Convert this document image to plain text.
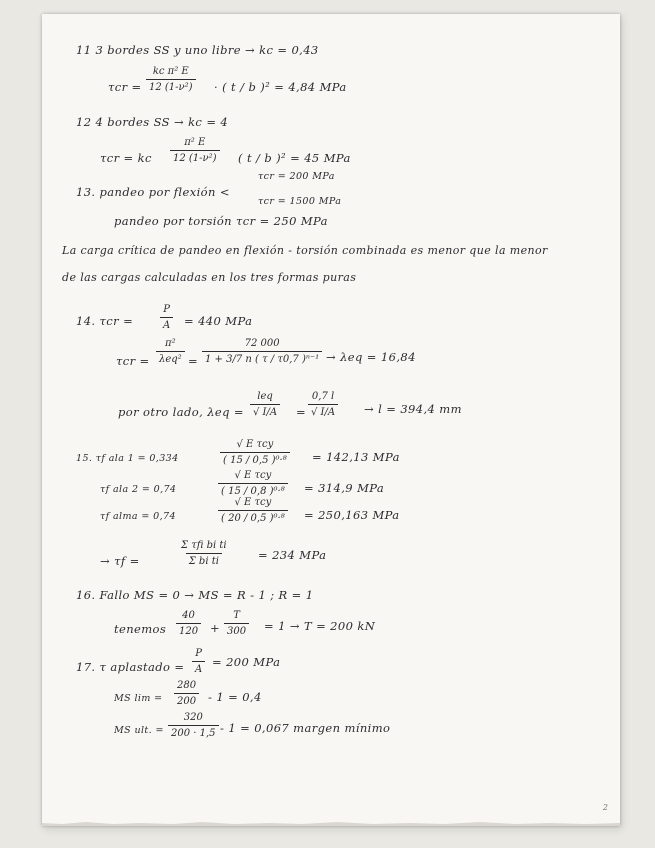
11 3 bordes SS y uno libre → kc = 0,43
$\tau cr = \frac{\text{kc π² E}}{\text{12 (1-ν²)}}$ · ( t / b )² = 4,84 MPa
12 4 bordes SS → kc = 4
τcr = kc $\frac{\text{π² E}}{\text{12 (1-ν²)}}$ ( t / b )² = 45 MPa
τcr = 200 MPa
13. pandeo por flexión <
τcr = 1500 MPa
pandeo por torsión τcr = 250 MPa
La carga crítica de pandeo en flexión - torsión combinada es menor que la menor
de las cargas calculadas en los tres formas puras
14. τcr =	$\frac{P}{A} = 440$ MPa
τcr =
π²
$\lambda eq^2 = \frac{72 000}{\text{1 + 3/7 n ( τ / τ0,7 )ⁿ⁻¹}} \to \lambda eq = 16,84$
por otro lado, λeq =
leq
√ $I/A = \frac{0,7 l}{√ I/A} \to l = 394,4$ mm
15. τf ala 1 = 0,334
√ E τcy
( 15 / 0,5 )⁰·⁸ = 142,13 MPa
τf ala 2 = 0,74
√ E τcy
( 15 / 0,8 )⁰·⁸ = 314,9 MPa
τf alma = 0,74
√ E τcy
( 20 / 0,5 )⁰·⁸ = 250,163 MPa
→ τf =
Σ τfi bi ti
Σ bi ti	= 234 MPa
16. Fallo MS = 0 → MS = R - 1 ; R = 1
tenemos $\frac{40}{120} + \frac{T}{300} = 1 \to T = 200$ kN
17. τ aplastado = $\frac{P}{A} = 200$ MPa
MS $\lim = \frac{280}{200} - 1 = 0,4$
MS ult. = $\frac{320}{200 \cdot 1,5} - 1 = 0,067$ margen mínimo
2
